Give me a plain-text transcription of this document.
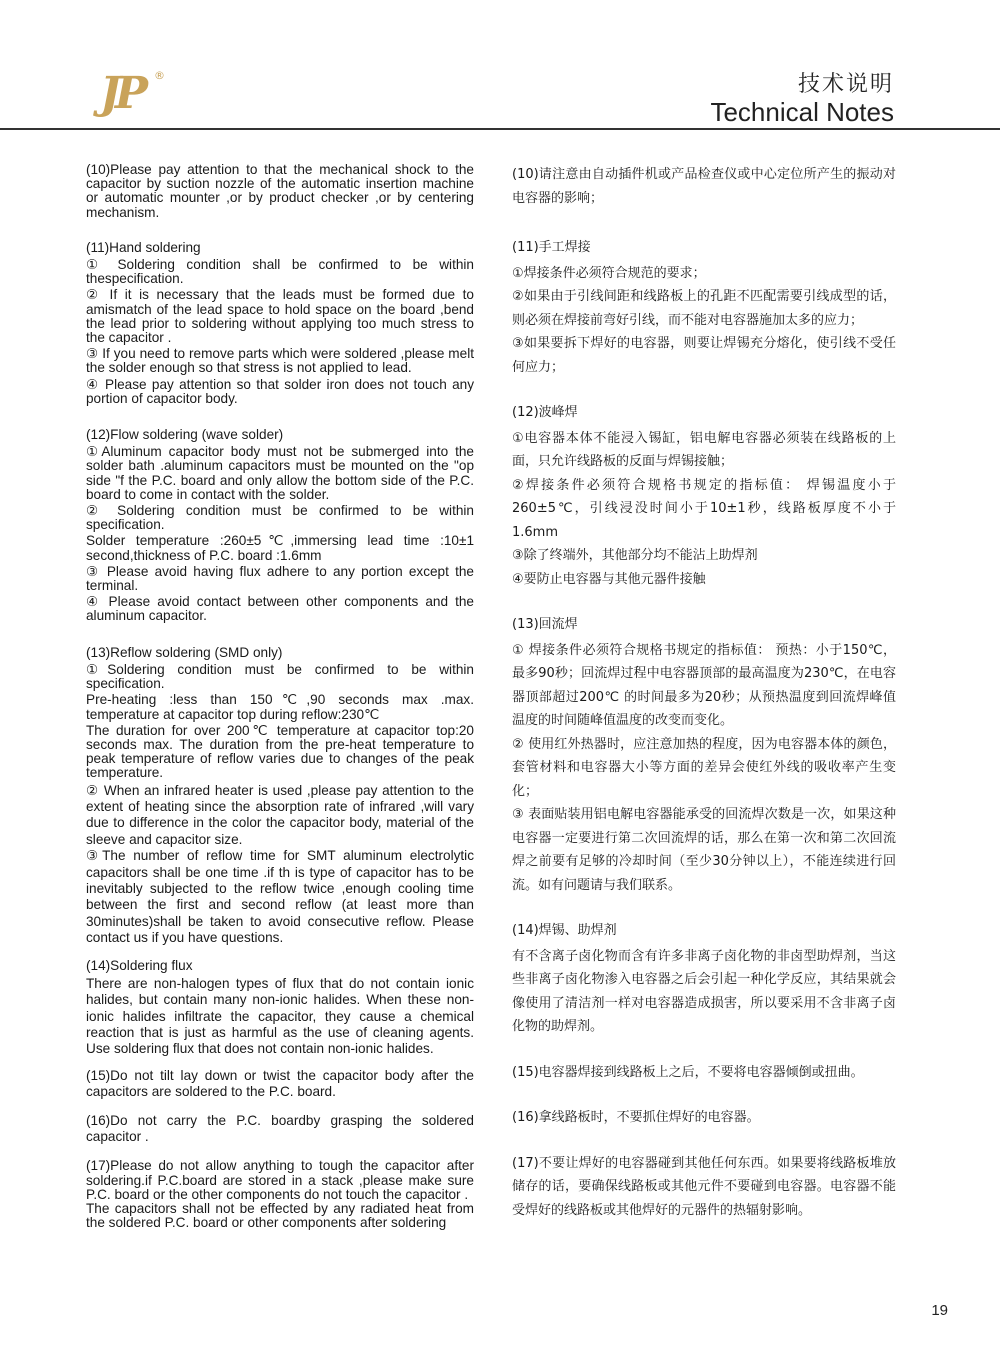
JP ®	技术说明
Technical Notes

(10)Please pay attention to that the mechanical shock to the capacitor by suction nozzle of the automatic insertion machine or automatic mounter ,or by product checker ,or by centering mechanism.

(11)Hand soldering

① Soldering condition shall be confirmed to be within thespecification.

② If it is necessary that the leads must be formed due to amismatch of the lead space to hold space on the board ,bend the lead prior to soldering without applying too much stress to the capacitor .

③ If you need to remove parts which were soldered ,please melt the solder enough so that stress is not applied to lead.

④ Please pay attention so that solder iron does not touch any portion of capacitor body.

(12)Flow soldering (wave solder)

①Aluminum capacitor body must not be submerged into the solder bath .aluminum capacitors must be mounted on the "op side "f the P.C. board and only allow the bottom side of the P.C. board to come in contact with the solder.

② Soldering condition must be confirmed to be within specification.

Solder temperature :260±5℃,immersing lead time :10±1 second,thickness of P.C. board :1.6mm

③ Please avoid having flux adhere to any portion except the terminal.

④ Please avoid contact between other components and the aluminum capacitor.

(13)Reflow soldering (SMD only)

①Soldering condition must be confirmed to be within specification.

Pre-heating :less than 150℃,90 seconds max .max. temperature at capacitor top during reflow:230℃

The duration for over 200℃ temperature at capacitor top:20 seconds max. The duration from the pre-heat temperature to peak temperature of reflow varies due to changes of the peak temperature.

② When an infrared heater is used ,please pay attention to the extent of heating since the absorption rate of infrared ,will vary due to difference in the color the capacitor body, material of the sleeve and capacitor size.

③The number of reflow time for SMT aluminum electrolytic capacitors shall be one time .if th is type of capacitor has to be inevitably subjected to the reflow twice ,enough cooling time between the first and second reflow (at least more than 30minutes)shall be taken to avoid consecutive reflow. Please contact us if you have questions.

(14)Soldering flux

There are non-halogen types of flux that do not contain ionic halides, but contain many non-ionic halides. When these non-ionic halides infiltrate the capacitor, they cause a chemical reaction that is just as harmful as the use of cleaning agents. Use soldering flux that does not contain non-ionic halides.

(15)Do not tilt lay down or twist the capacitor body after the capacitors are soldered to the P.C. board.

(16)Do not carry the P.C. boardby grasping the soldered capacitor .

(17)Please do not allow anything to tough the capacitor after soldering.if P.C.board are stored in a stack ,please make sure P.C. board or the other components do not touch the capacitor .

The capacitors shall not be effected by any radiated heat from the soldered P.C. board or other components after soldering

(10)请注意由自动插件机或产品检查仪或中心定位所产生的振动对电容器的影响；

(11)手工焊接

①焊接条件必须符合规范的要求；

②如果由于引线间距和线路板上的孔距不匹配需要引线成型的话，则必须在焊接前弯好引线，而不能对电容器施加太多的应力；

③如果要拆下焊好的电容器，则要让焊锡充分熔化，使引线不受任何应力；

(12)波峰焊

①电容器本体不能浸入锡缸，铝电解电容器必须装在线路板的上面，只允许线路板的反面与焊锡接触；

②焊接条件必须符合规格书规定的指标值： 焊锡温度小于260±5℃，引线浸没时间小于10±1秒，线路板厚度不小于1.6mm

③除了终端外，其他部分均不能沾上助焊剂

④要防止电容器与其他元器件接触

(13)回流焊

① 焊接条件必须符合规格书规定的指标值： 预热：小于150℃，最多90秒；回流焊过程中电容器顶部的最高温度为230℃，在电容器顶部超过200℃ 的时间最多为20秒；从预热温度到回流焊峰值温度的时间随峰值温度的改变而变化。

② 使用红外热器时，应注意加热的程度，因为电容器本体的颜色，套管材料和电容器大小等方面的差异会使红外线的吸收率产生变化；

③ 表面贴装用铝电解电容器能承受的回流焊次数是一次，如果这种电容器一定要进行第二次回流焊的话，那么在第一次和第二次回流焊之前要有足够的冷却时间（至少30分钟以上），不能连续进行回流。如有问题请与我们联系。

(14)焊锡、助焊剂

有不含离子卤化物而含有许多非离子卤化物的非卤型助焊剂，当这些非离子卤化物渗入电容器之后会引起一种化学反应，其结果就会像使用了清洁剂一样对电容器造成损害，所以要采用不含非离子卤化物的助焊剂。

(15)电容器焊接到线路板上之后，不要将电容器倾倒或扭曲。

(16)拿线路板时，不要抓住焊好的电容器。

(17)不要让焊好的电容器碰到其他任何东西。如果要将线路板堆放储存的话，要确保线路板或其他元件不要碰到电容器。电容器不能受焊好的线路板或其他焊好的元器件的热辐射影响。

19
